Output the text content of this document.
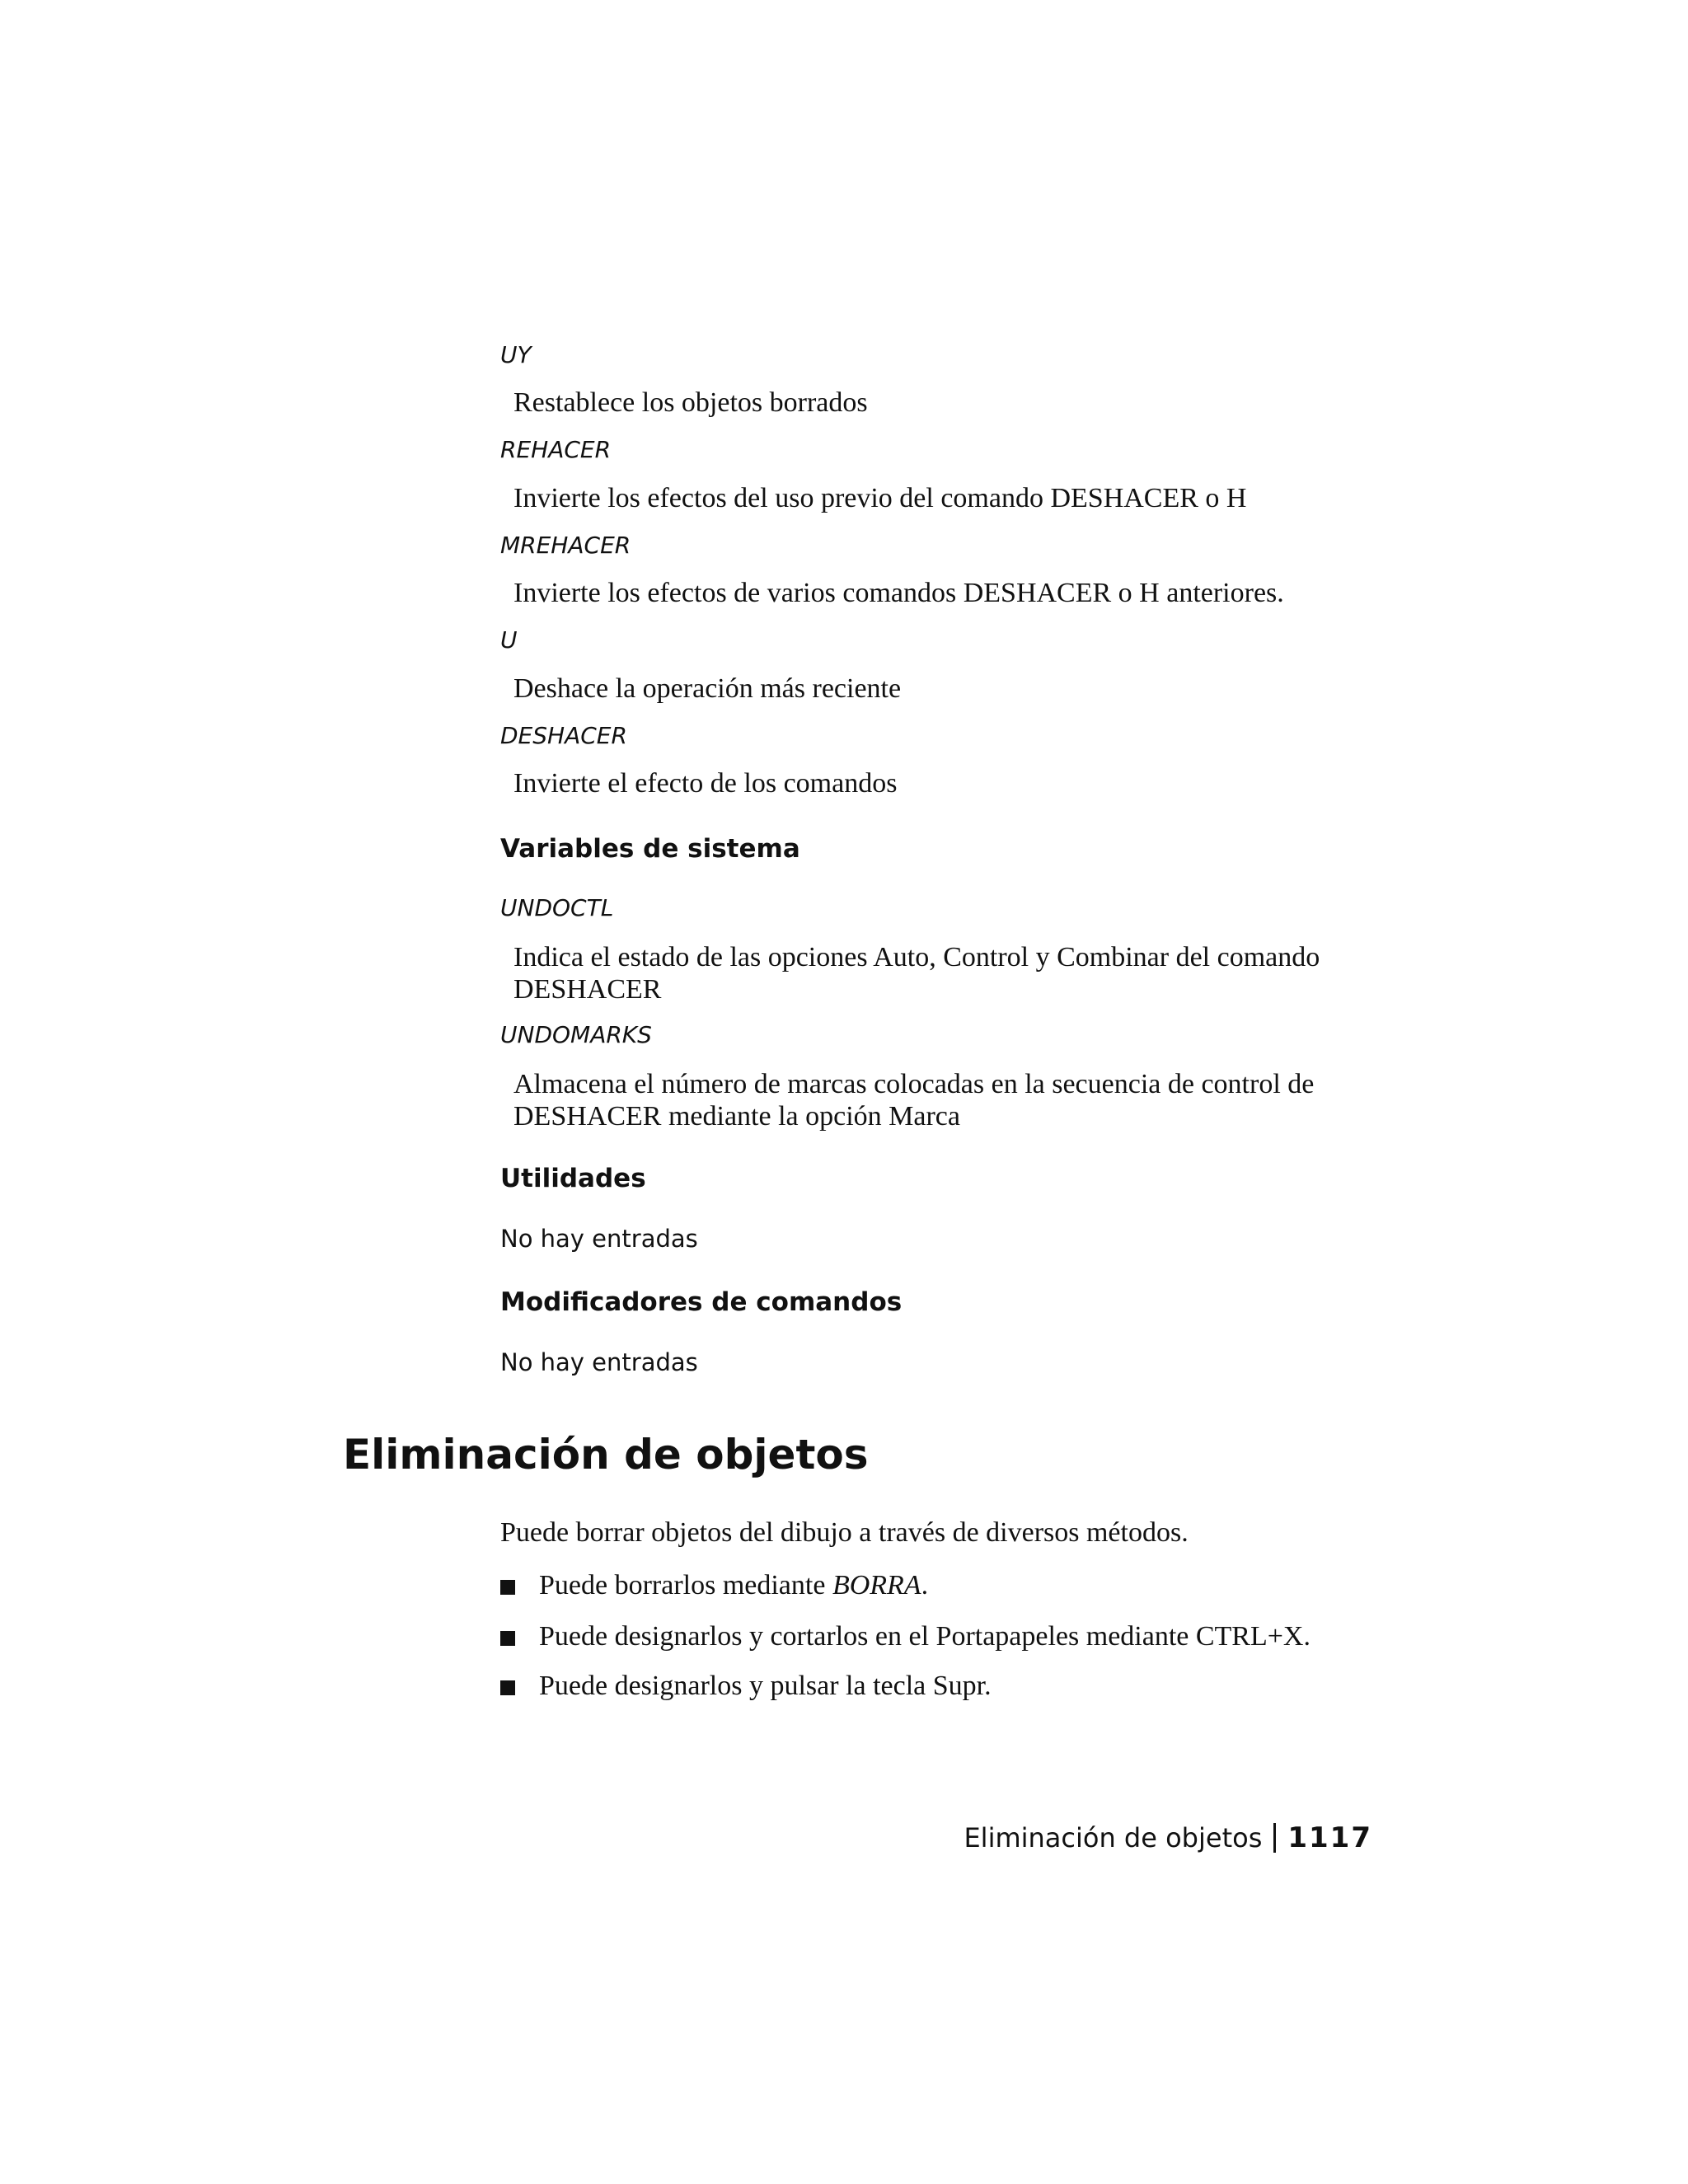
UY
Restablece los objetos borrados
REHACER
Invierte los efectos del uso previo del comando DESHACER o H
MREHACER
Invierte los efectos de varios comandos DESHACER o H anteriores.
U
Deshace la operación más reciente
DESHACER
Invierte el efecto de los comandos
Variables de sistema
UNDOCTL
Indica el estado de las opciones Auto, Control y Combinar del comando DESHACER
UNDOMARKS
Almacena el número de marcas colocadas en la secuencia de control de DESHACER mediante la opción Marca
Utilidades
No hay entradas
Modificadores de comandos
No hay entradas
Eliminación de objetos
Puede borrar objetos del dibujo a través de diversos métodos.
Puede borrarlos mediante BORRA.
Puede designarlos y cortarlos en el Portapapeles mediante CTRL+X.
Puede designarlos y pulsar la tecla Supr.
Eliminación de objetos 1117
